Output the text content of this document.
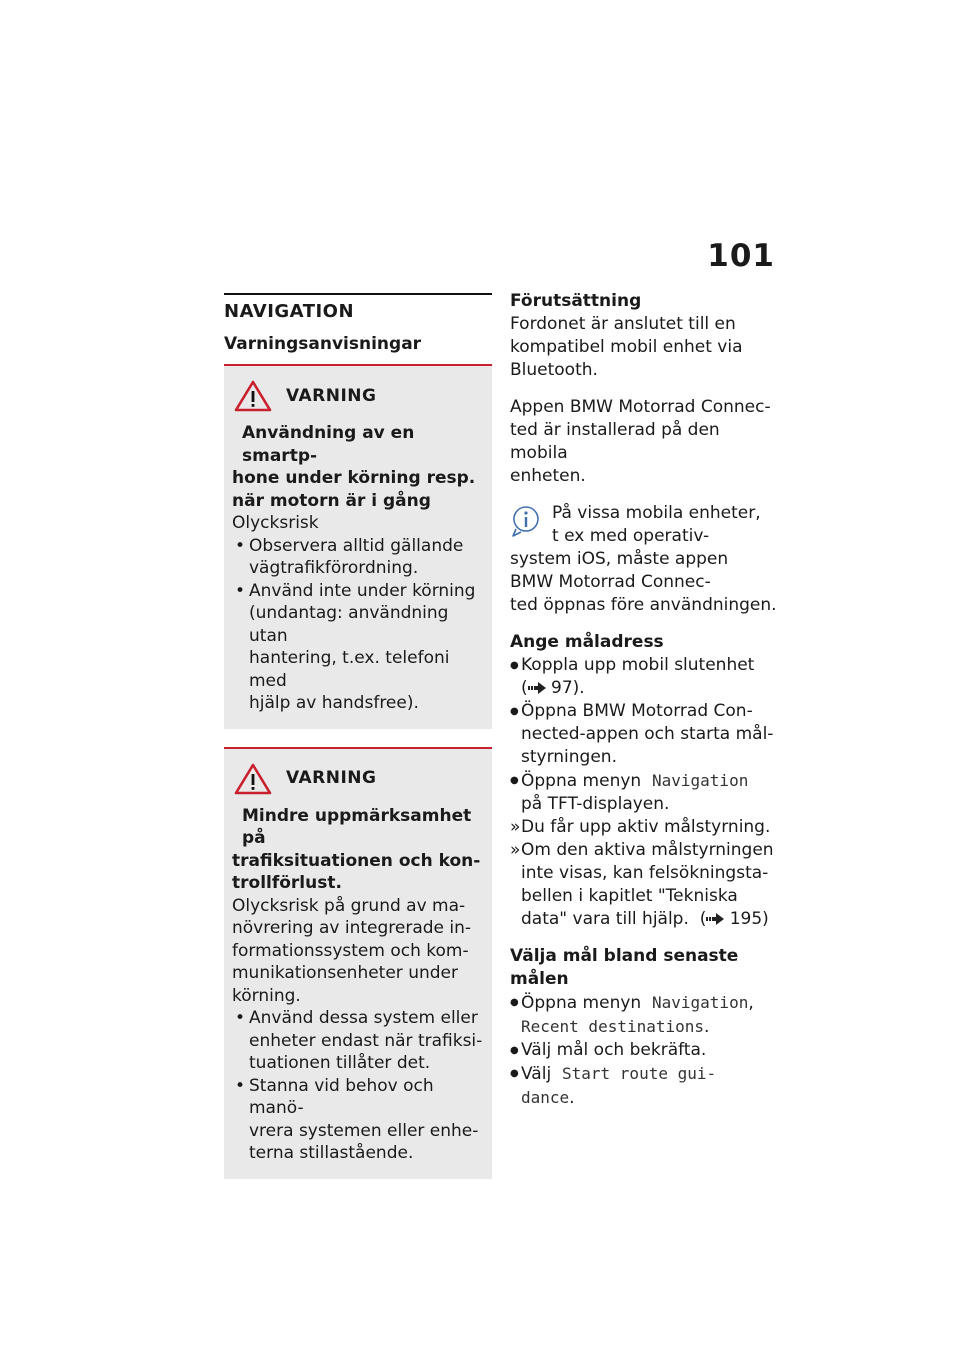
101
NAVIGATION
Varningsanvisningar
VARNING
Användning av en smartp-
hone under körning resp.
när motorn är i gång

Olycksrisk

• Observera alltid gällande
vägtrafikförordning.
• Använd inte under körning
(undantag: användning utan
hantering, t.ex. telefoni med
hjälp av handsfree).
VARNING
Mindre uppmärksamhet på
trafiksituationen och kon-
trollförlust.
Olycksrisk på grund av ma-
növrering av integrerade in-
formationssystem och kom-
munikationsenheter under
körning.
• Använd dessa system eller
enheter endast när trafiksi-
tuationen tillåter det.
• Stanna vid behov och manö-
vrera systemen eller enhe-
terna stillastående.
Förutsättning

Fordonet är anslutet till en
kompatibel mobil enhet via
Bluetooth.

Appen BMW Motorrad Connec-
ted är installerad på den mobila
enheten.

På vissa mobila enheter,
t ex med operativ-
system iOS, måste appen
BMW Motorrad Connec-
ted öppnas före användningen.
Ange måladress
● Koppla upp mobil slutenhet
( 97).
● Öppna BMW Motorrad Con-
nected-appen och starta mål-
styrningen.
● Öppna menyn Navigation
på TFT-displayen.
» Du får upp aktiv målstyrning.
» Om den aktiva målstyrningen
inte visas, kan felsökningsta-
bellen i kapitlet "Tekniska
data" vara till hjälp. ( 195)
Välja mål bland senaste målen
● Öppna menyn Navigation,
Recent destinations.
● Välj mål och bekräfta.
● Välj Start route gui-
dance.
